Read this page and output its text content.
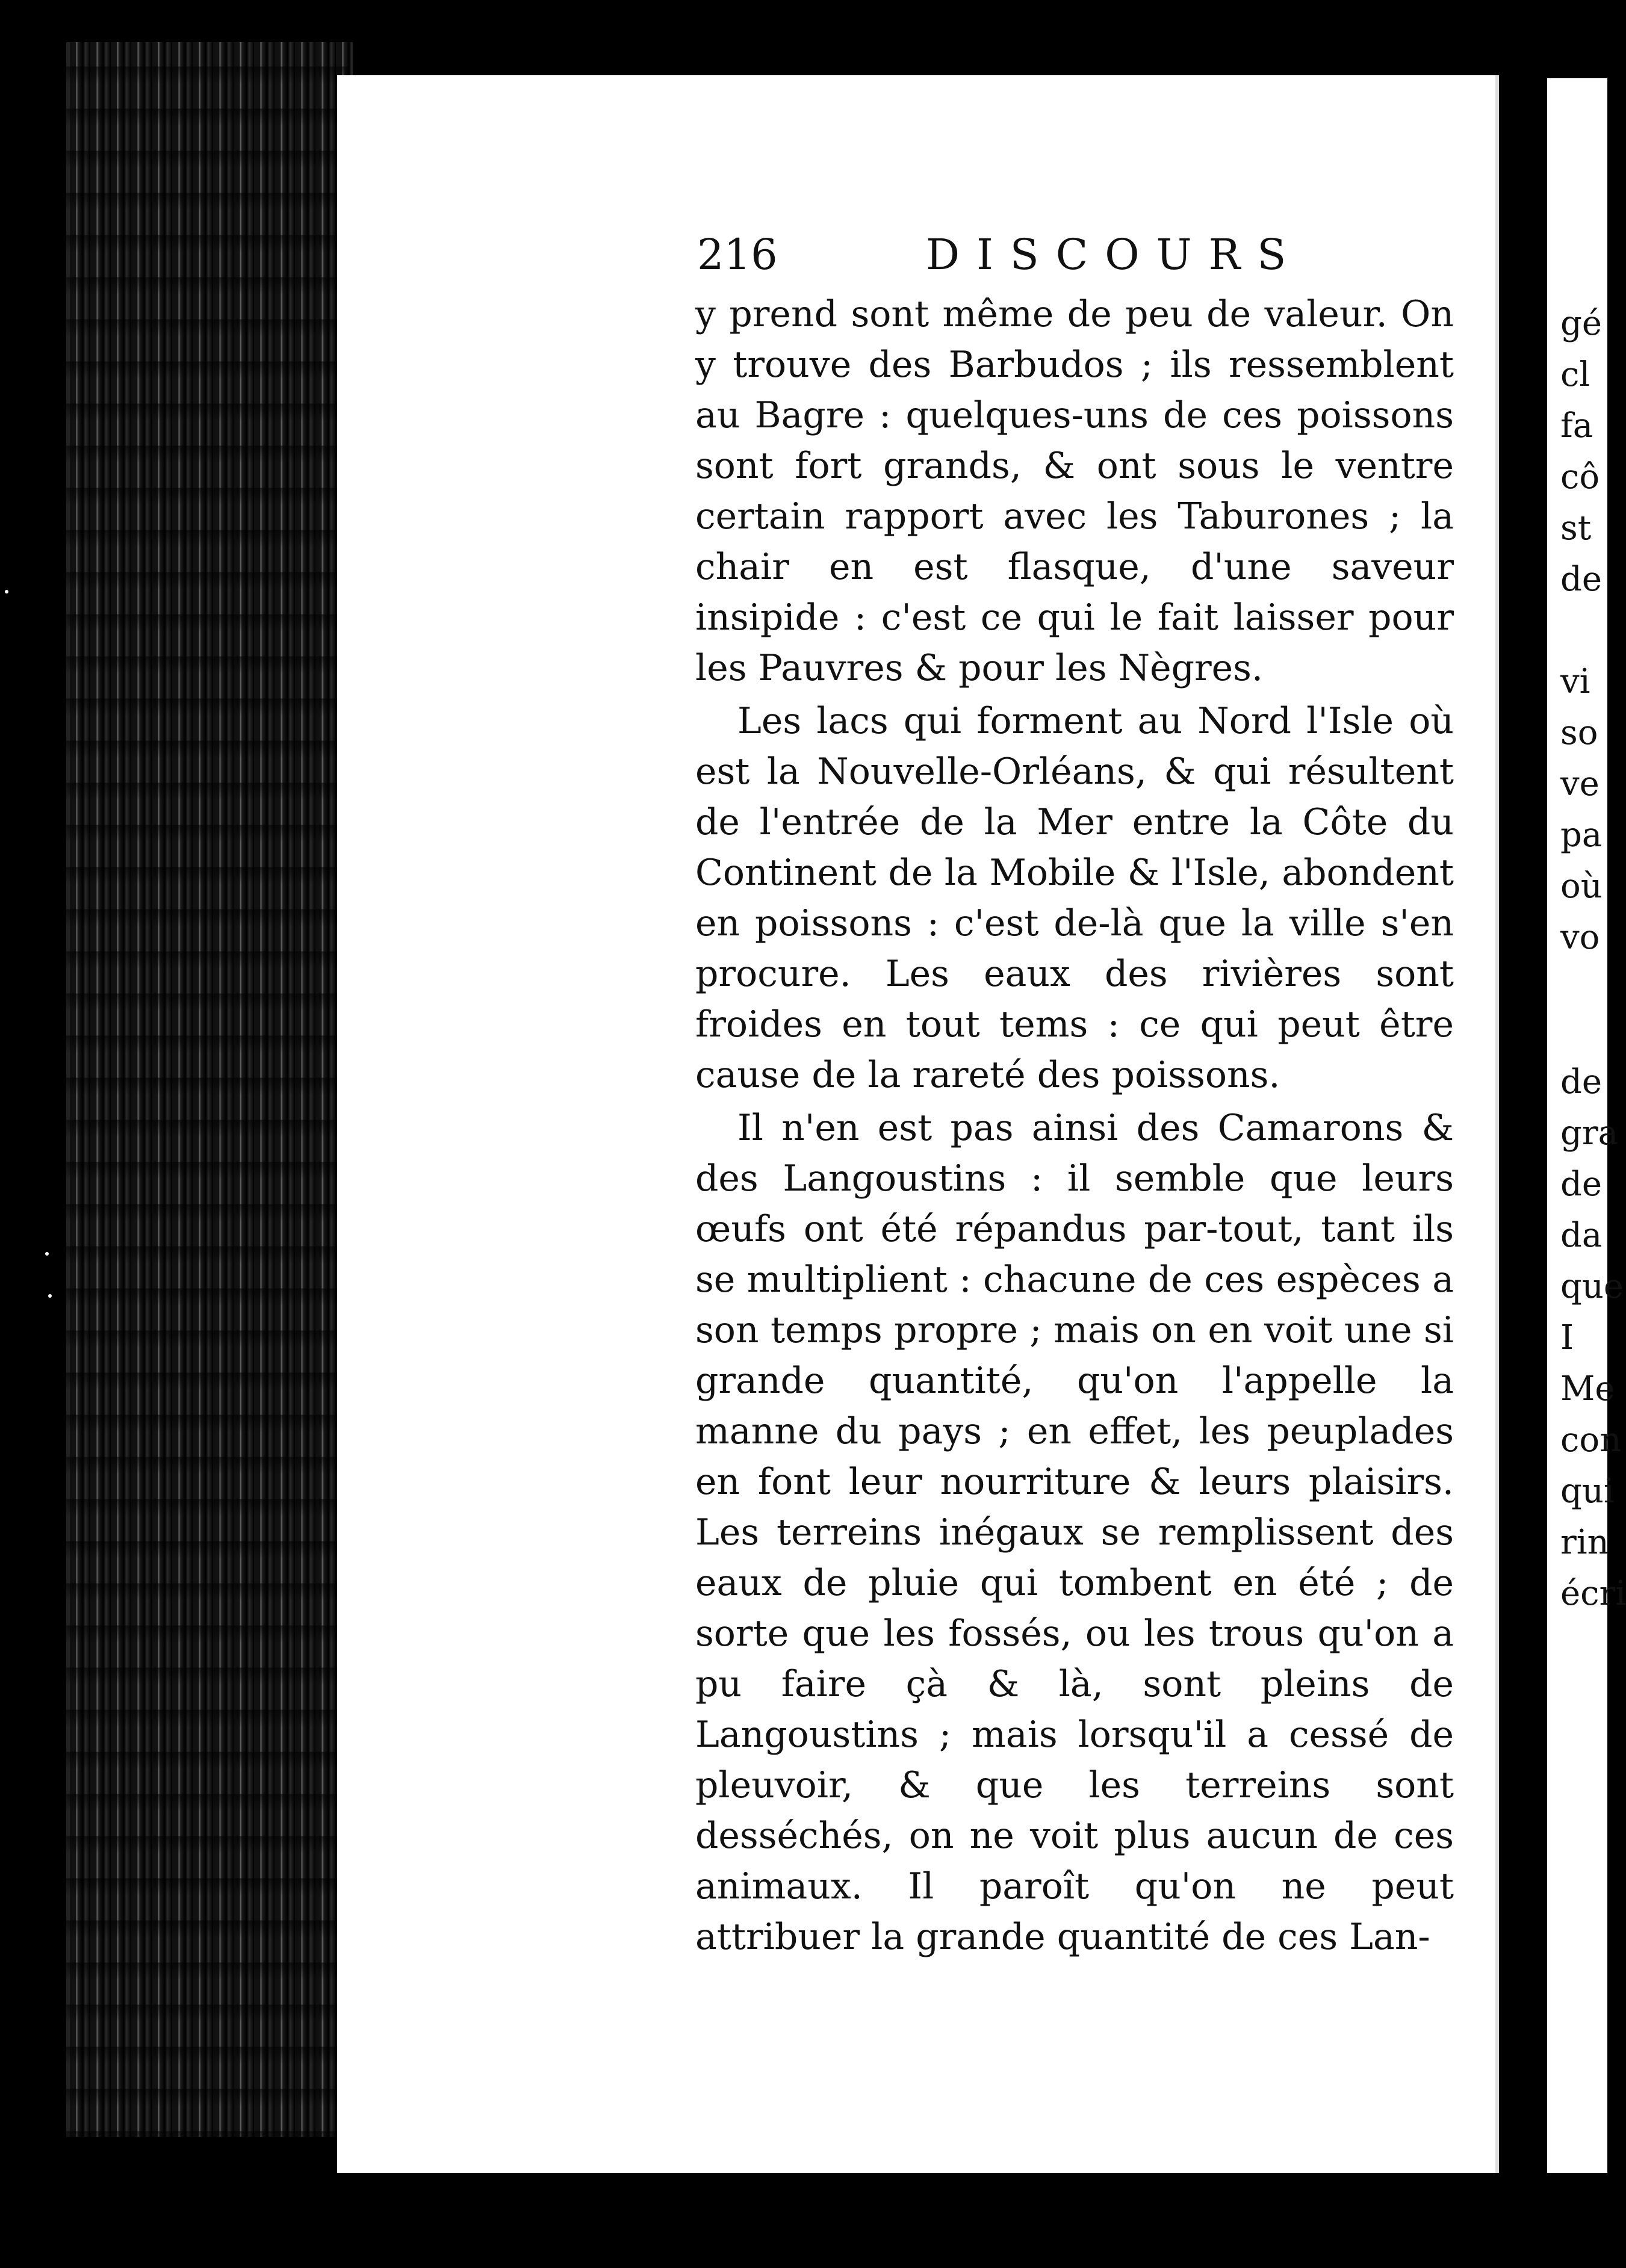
216	DISCOURS

y prend sont même de peu de valeur. On y trouve des Barbudos ; ils ressemblent au Bagre : quelques-uns de ces poissons sont fort grands, & ont sous le ventre certain rapport avec les Taburones ; la chair en est flasque, d'une saveur insipide : c'est ce qui le fait laisser pour les Pauvres & pour les Nègres.

Les lacs qui forment au Nord l'Isle où est la Nouvelle-Orléans, & qui résultent de l'entrée de la Mer entre la Côte du Continent de la Mobile & l'Isle, abondent en poissons : c'est de-là que la ville s'en procure. Les eaux des rivières sont froides en tout tems : ce qui peut être cause de la rareté des poissons.

Il n'en est pas ainsi des Camarons & des Langoustins : il semble que leurs œufs ont été répandus par-tout, tant ils se multiplient : chacune de ces espèces a son temps propre ; mais on en voit une si grande quantité, qu'on l'appelle la manne du pays ; en effet, les peuplades en font leur nourriture & leurs plaisirs. Les terreins inégaux se remplissent des eaux de pluie qui tombent en été ; de sorte que les fossés, ou les trous qu'on a pu faire çà & là, sont pleins de Langoustins ; mais lorsqu'il a cessé de pleuvoir, & que les terreins sont desséchés, on ne voit plus aucun de ces animaux. Il paroît qu'on ne peut attribuer la grande quantité de ces Lan-

gé
cl
fa
cô
st
de
vi
so
ve
pa
où
vo
de
gra
de
da
que
I
Me
con
qui
rin
écri
